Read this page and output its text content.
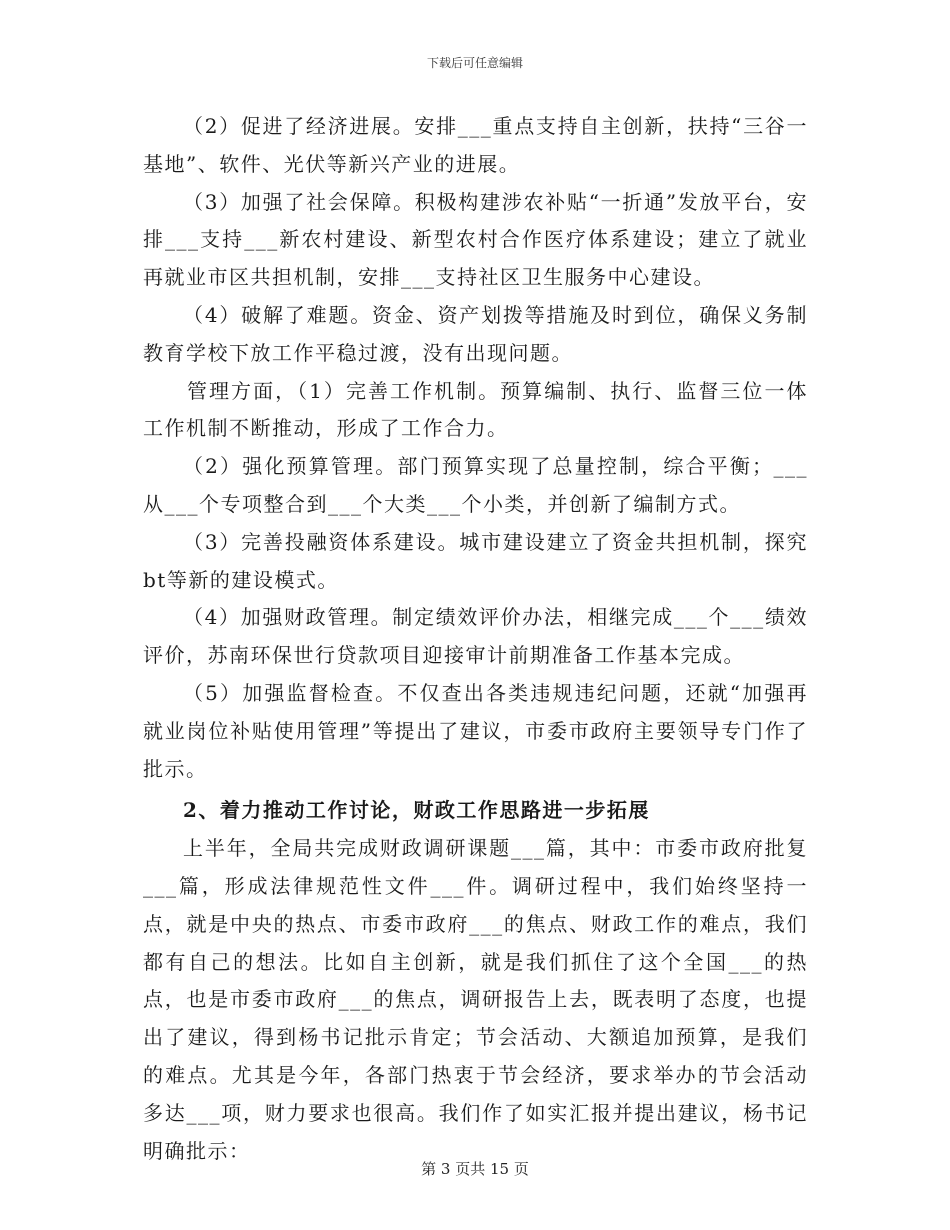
下载后可任意编辑

（2）促进了经济进展。安排___重点支持自主创新，扶持“三谷一基地”、软件、光伏等新兴产业的进展。

（3）加强了社会保障。积极构建涉农补贴“一折通”发放平台，安排___支持___新农村建设、新型农村合作医疗体系建设；建立了就业再就业市区共担机制，安排___支持社区卫生服务中心建设。

（4）破解了难题。资金、资产划拨等措施及时到位，确保义务制教育学校下放工作平稳过渡，没有出现问题。

管理方面，（1）完善工作机制。预算编制、执行、监督三位一体工作机制不断推动，形成了工作合力。

（2）强化预算管理。部门预算实现了总量控制，综合平衡；___从___个专项整合到___个大类___个小类，并创新了编制方式。

（3）完善投融资体系建设。城市建设建立了资金共担机制，探究bt等新的建设模式。

（4）加强财政管理。制定绩效评价办法，相继完成___个___绩效评价，苏南环保世行贷款项目迎接审计前期准备工作基本完成。

（5）加强监督检查。不仅查出各类违规违纪问题，还就“加强再就业岗位补贴使用管理”等提出了建议，市委市政府主要领导专门作了批示。

2、着力推动工作讨论，财政工作思路进一步拓展

上半年，全局共完成财政调研课题___篇，其中：市委市政府批复___篇，形成法律规范性文件___件。调研过程中，我们始终坚持一点，就是中央的热点、市委市政府___的焦点、财政工作的难点，我们都有自己的想法。比如自主创新，就是我们抓住了这个全国___的热点，也是市委市政府___的焦点，调研报告上去，既表明了态度，也提出了建议，得到杨书记批示肯定；节会活动、大额追加预算，是我们的难点。尤其是今年，各部门热衷于节会经济，要求举办的节会活动多达___项，财力要求也很高。我们作了如实汇报并提出建议，杨书记明确批示：

第 3 页共 15 页
